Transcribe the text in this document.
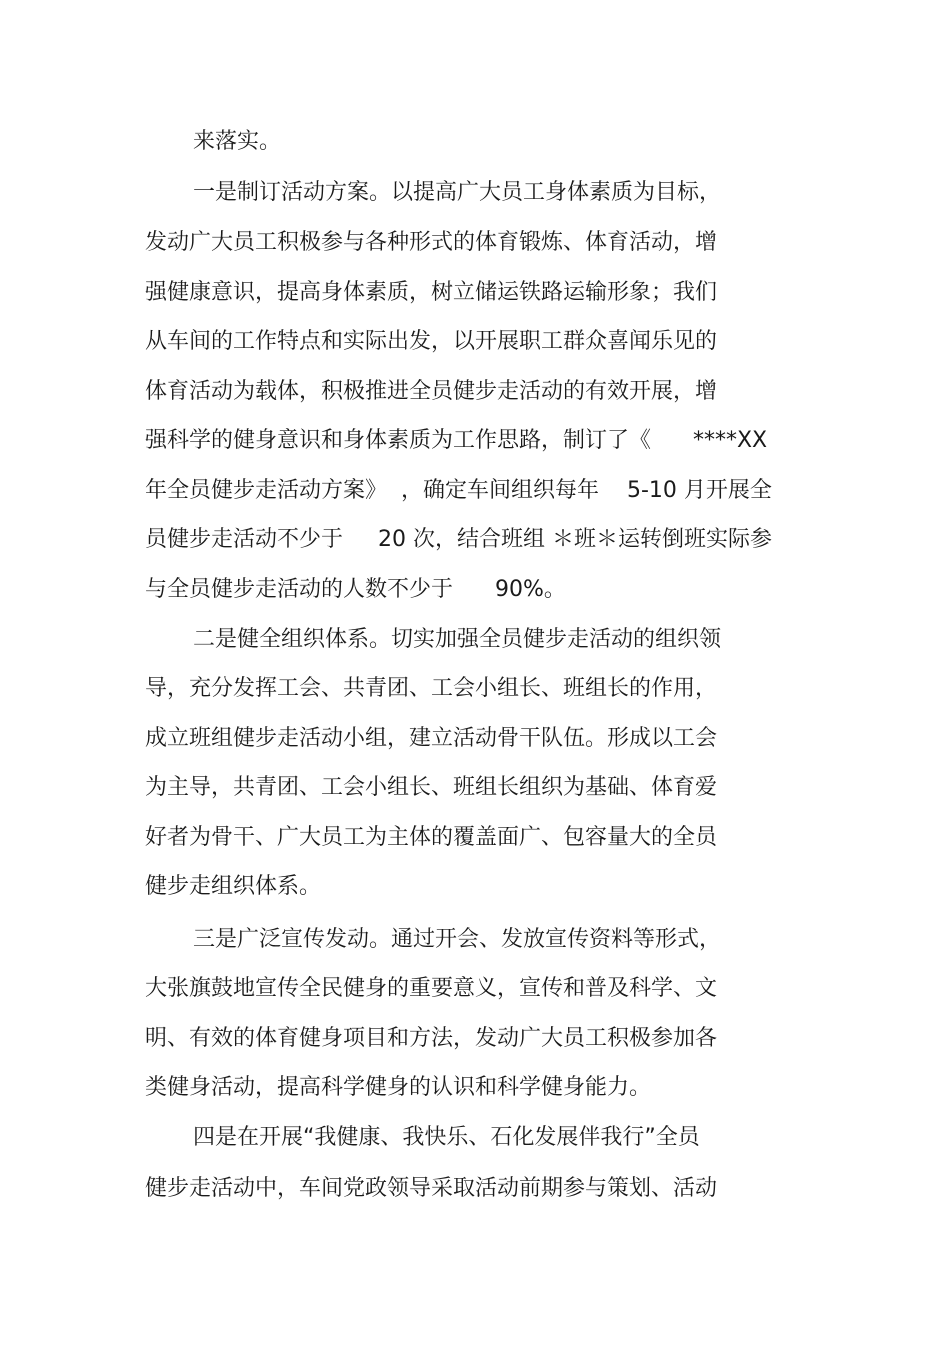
来落实。
一是制订活动方案。以提高广大员工身体素质为目标，
发动广大员工积极参与各种形式的体育锻炼、体育活动，增
强健康意识，提高身体素质，树立储运铁路运输形象；我们
从车间的工作特点和实际出发，以开展职工群众喜闻乐见的
体育活动为载体，积极推进全员健步走活动的有效开展，增
强科学的健身意识和身体素质为工作思路，制订了《      ****XX
年全员健步走活动方案》  ，确定车间组织每年    5-10 月开展全
员健步走活动不少于     20 次，结合班组 ＊班＊运转倒班实际参
与全员健步走活动的人数不少于      90%。
二是健全组织体系。切实加强全员健步走活动的组织领
导，充分发挥工会、共青团、工会小组长、班组长的作用，
成立班组健步走活动小组，建立活动骨干队伍。形成以工会
为主导，共青团、工会小组长、班组长组织为基础、体育爱
好者为骨干、广大员工为主体的覆盖面广、包容量大的全员
健步走组织体系。
三是广泛宣传发动。通过开会、发放宣传资料等形式，
大张旗鼓地宣传全民健身的重要意义，宣传和普及科学、文
明、有效的体育健身项目和方法，发动广大员工积极参加各
类健身活动，提高科学健身的认识和科学健身能力。
四是在开展“我健康、我快乐、石化发展伴我行”全员
健步走活动中，车间党政领导采取活动前期参与策划、活动
